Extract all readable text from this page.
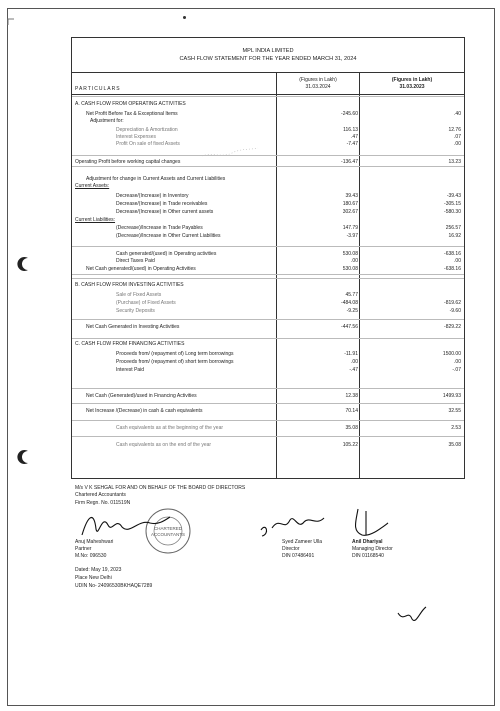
MPL INDIA LIMITED
CASH FLOW STATEMENT FOR THE YEAR ENDED MARCH 31, 2024
PARTICULARS
(Figures in Lakh)
31.03.2024
(Figures in Lakh)
31.03.2023
A. CASH FLOW FROM OPERATING ACTIVITIES
Net Profit Before Tax & Exceptional Items	-245.60	.40
Adjustment for:
Depreciation & Amortization	116.13	12.76
Interest Expenses	.47	.07
Profit On sale of fixed Assets	-7.47	.00
Operating Profit before working capital changes	-136.47	13.23
Adjustment for change in Current Assets and Current Liabilities
Current Assets:
Decrease/(Increase) in Inventory	39.43	-39.43
Decrease/(Increase) in Trade receivables	180.67	-305.15
Decrease/(Increase) in Other current assets	302.67	-580.30
Current Liabilities:
(Decrease)/Increase in Trade Payables	147.79	256.57
(Decrease)/Increase in Other Current Liabilities	-3.97	16.92
Cash generated/(used) in Operating activities	530.08	-638.16
Direct Taxes Paid	.00	.00
Net Cash generated/(used) in Operating Activities	530.08	-638.16
B. CASH FLOW FROM INVESTING ACTIVITIES
Sale of Fixed Assets	45.77
(Purchase) of Fixed Assets	-484.08	-819.62
Security Deposits	-9.25	-9.60
Net Cash Generated in Investing Activities	-447.56	-829.22
C. CASH FLOW FROM FINANCING ACTIVITIES
Proceeds from/ (repayment of) Long term borrowings	-11.91	1500.00
Proceeds from/ (repayment of) short term borrowings	.00	.00
Interest Paid	-.47	-.07
Net Cash (Generated)/used in Financing Activities	12.38	1499.93
Net Increase /(Decrease) in cash & cash equivalents	70.14	32.55
Cash equivalents as at the beginning of the year	35.08	2.53
Cash equivalents as on the end of the year	105.22	35.08
M/s V K SEHGAL FOR AND ON BEHALF OF THE BOARD OF DIRECTORS
Chartered Accountants
Firm Regn. No. 011519N
CHARTERED
ACCOUNTANTS
Anuj Maheshwari
Partner
M.No: 096530
Syed Zameer Ulla
Director
DIN 07486491
Anil Dhariyal
Managing Director
DIN 01168540
Dated: May 19, 2023
Place New Delhi
UDIN No- 24096530BKHAQE7289
